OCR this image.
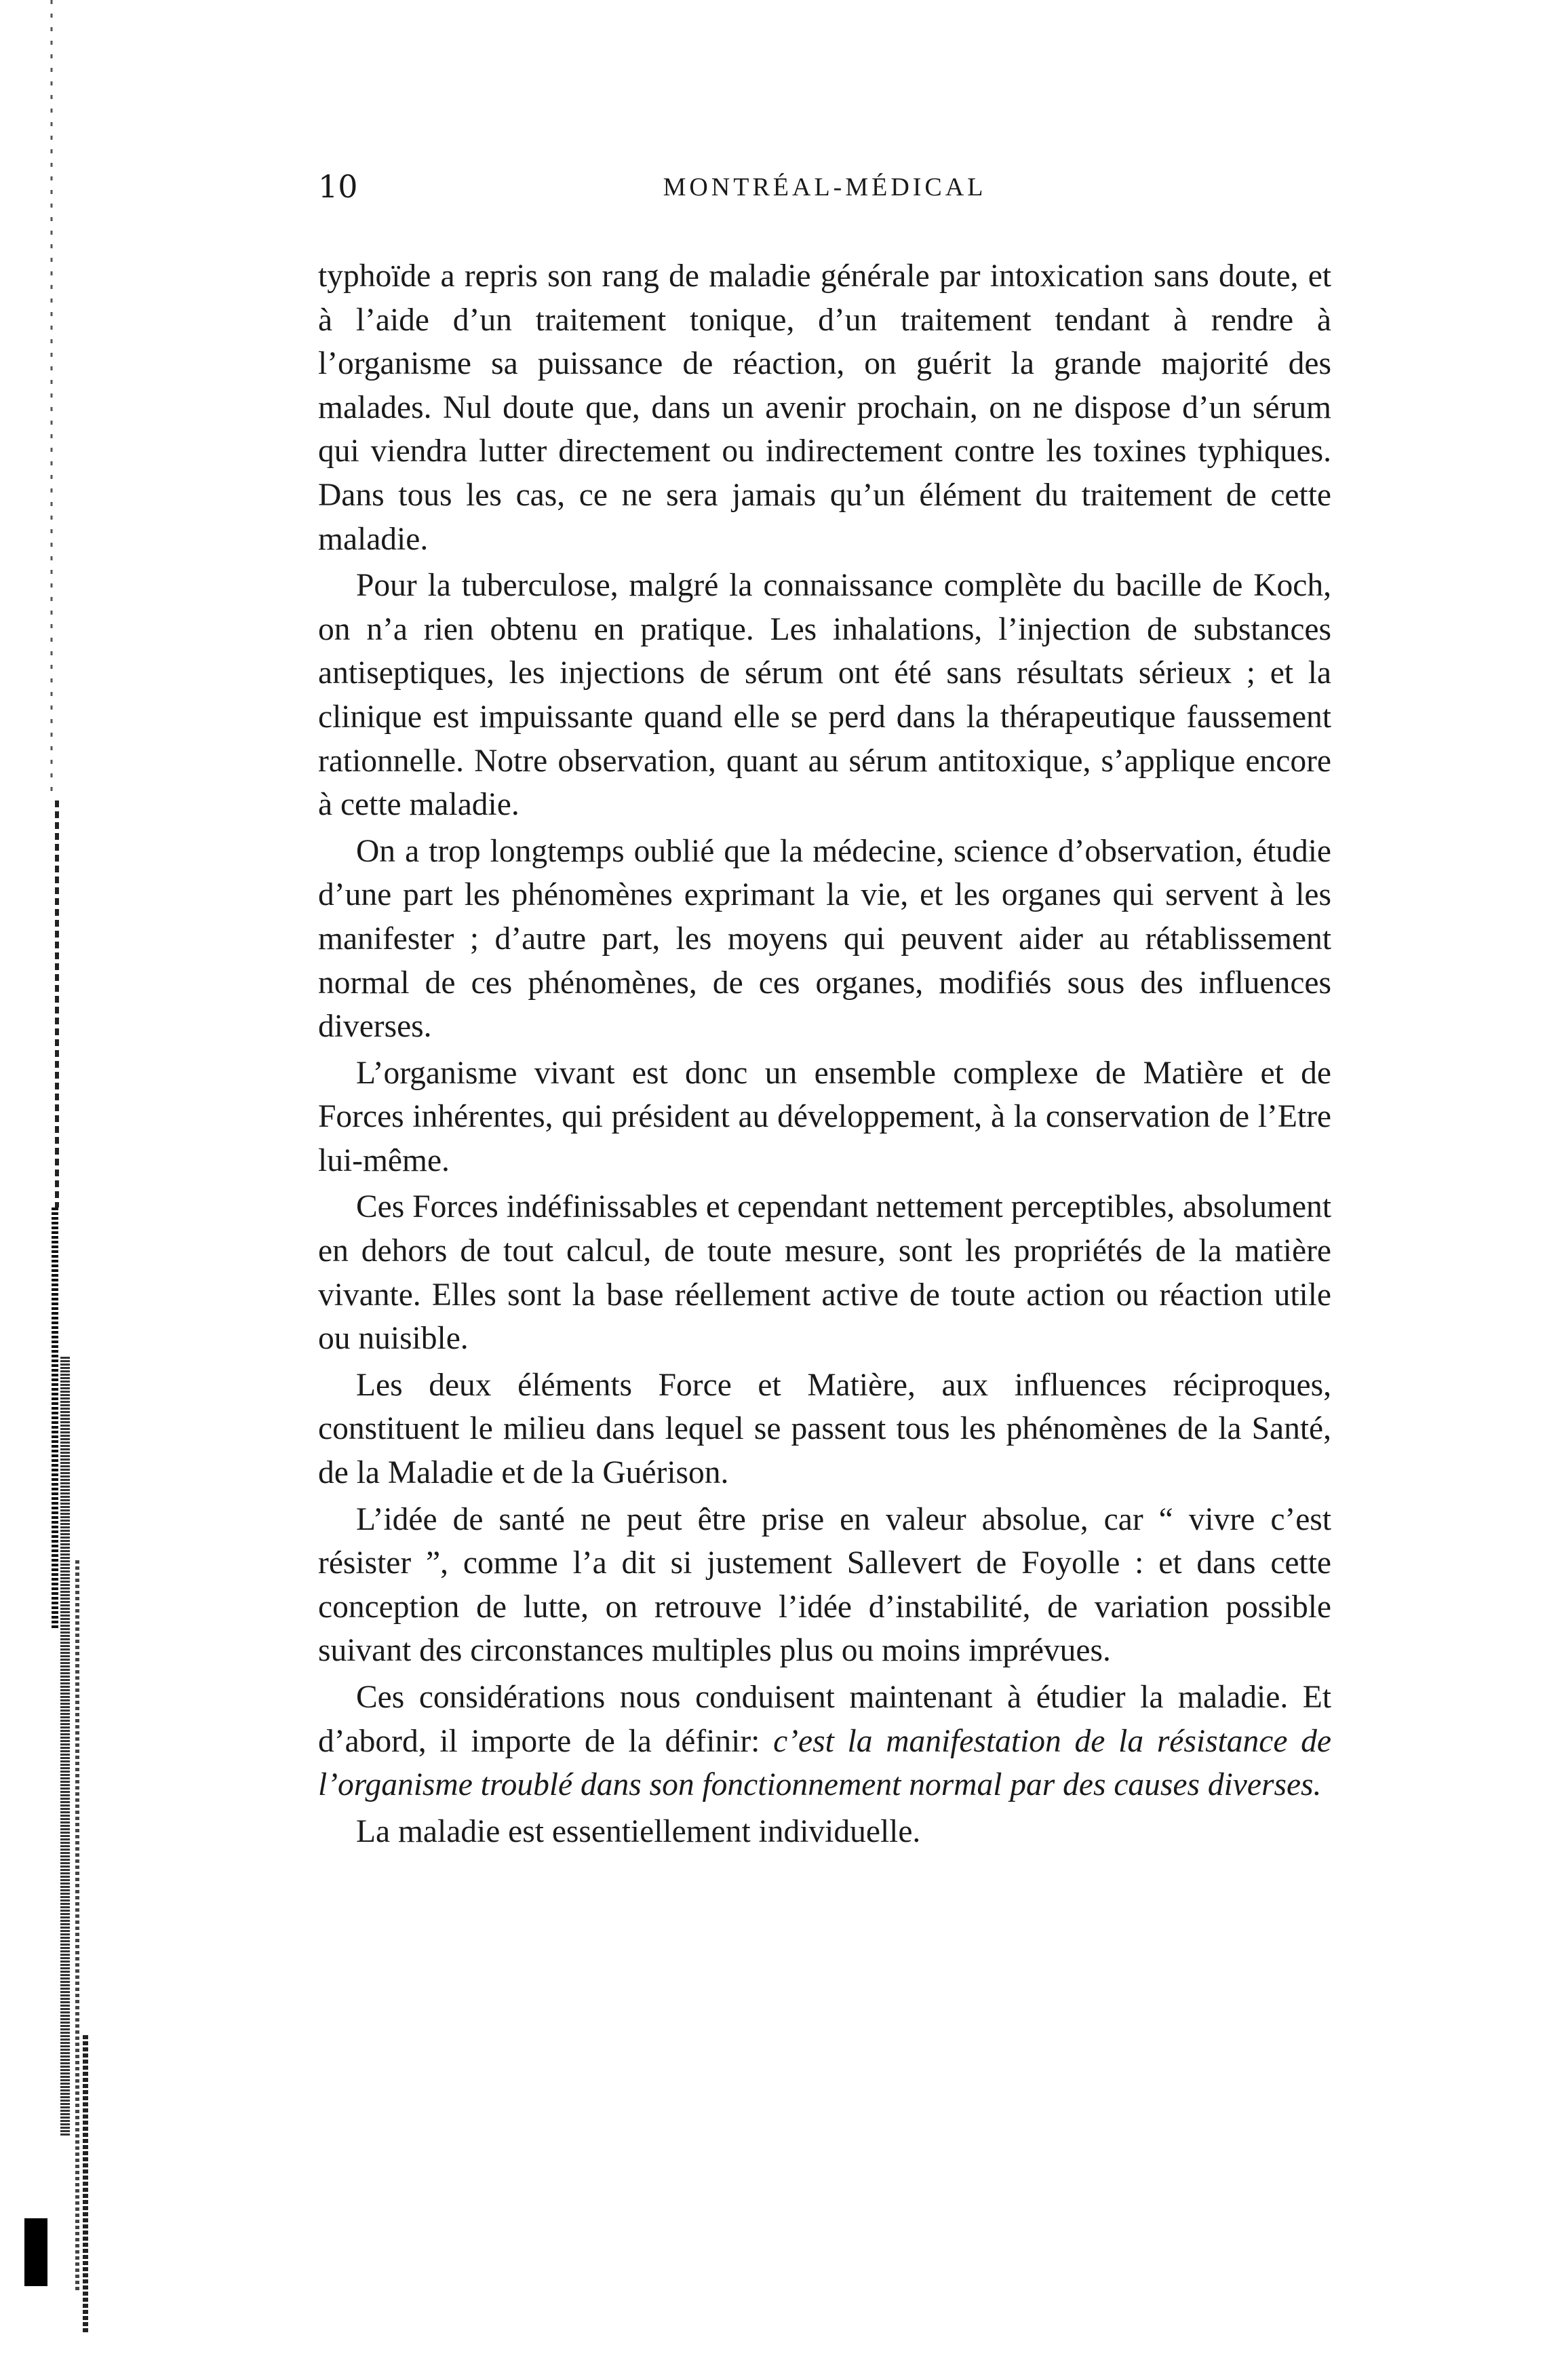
10	MONTRÉAL-MÉDICAL

typhoïde a repris son rang de maladie générale par intoxication sans doute, et à l’aide d’un traitement tonique, d’un traitement tendant à rendre à l’organisme sa puissance de réaction, on guérit la grande majorité des malades. Nul doute que, dans un avenir prochain, on ne dispose d’un sérum qui viendra lutter directement ou indirectement contre les toxines typhiques. Dans tous les cas, ce ne sera jamais qu’un élément du traitement de cette maladie.

Pour la tuberculose, malgré la connaissance complète du bacille de Koch, on n’a rien obtenu en pratique. Les inhalations, l’injection de substances antiseptiques, les injections de sérum ont été sans résultats sérieux ; et la clinique est impuissante quand elle se perd dans la thérapeutique faussement rationnelle. Notre observation, quant au sérum antitoxique, s’applique encore à cette maladie.

On a trop longtemps oublié que la médecine, science d’observation, étudie d’une part les phénomènes exprimant la vie, et les organes qui servent à les manifester ; d’autre part, les moyens qui peuvent aider au rétablissement normal de ces phénomènes, de ces organes, modifiés sous des influences diverses.

L’organisme vivant est donc un ensemble complexe de Matière et de Forces inhérentes, qui président au développement, à la conservation de l’Etre lui-même.

Ces Forces indéfinissables et cependant nettement perceptibles, absolument en dehors de tout calcul, de toute mesure, sont les propriétés de la matière vivante. Elles sont la base réellement active de toute action ou réaction utile ou nuisible.

Les deux éléments Force et Matière, aux influences réciproques, constituent le milieu dans lequel se passent tous les phénomènes de la Santé, de la Maladie et de la Guérison.

L’idée de santé ne peut être prise en valeur absolue, car “ vivre c’est résister ”, comme l’a dit si justement Sallevert de Foyolle : et dans cette conception de lutte, on retrouve l’idée d’instabilité, de variation possible suivant des circonstances multiples plus ou moins imprévues.

Ces considérations nous conduisent maintenant à étudier la maladie. Et d’abord, il importe de la définir: c’est la manifestation de la résistance de l’organisme troublé dans son fonctionnement normal par des causes diverses.

La maladie est essentiellement individuelle.
